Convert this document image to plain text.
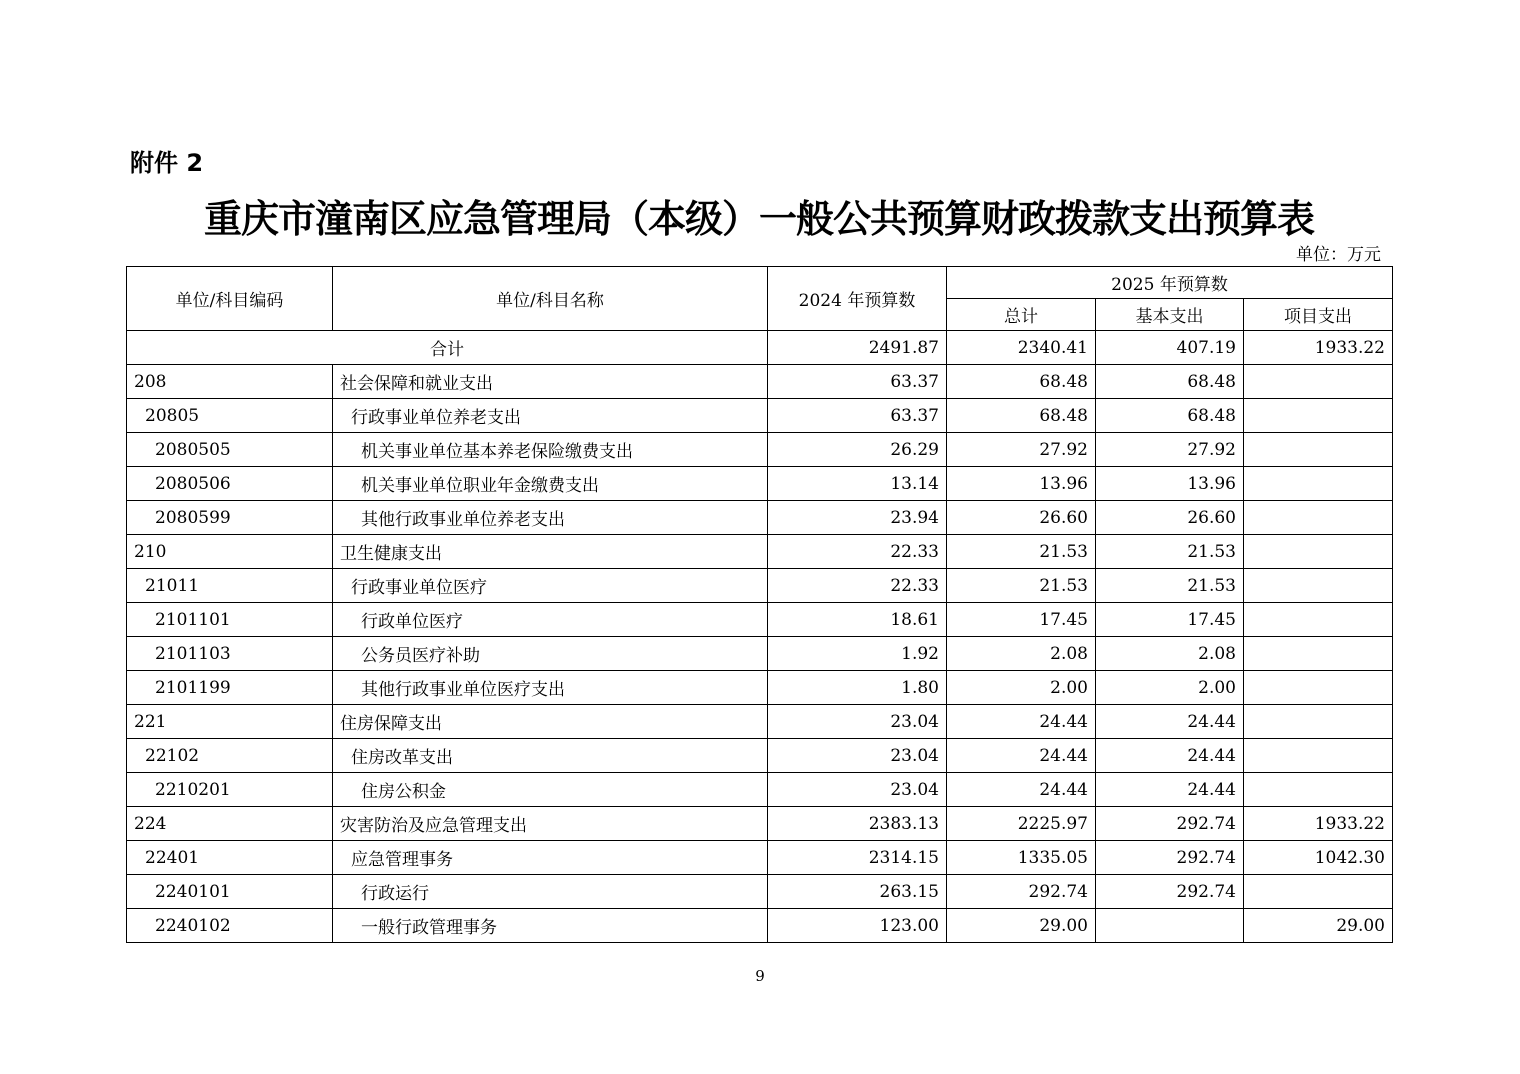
附件 2
重庆市潼南区应急管理局（本级）一般公共预算财政拨款支出预算表
单位：万元
单位/科目编码	单位/科目名称	2024 年预算数	2025 年预算数		
			总计	基本支出	项目支出
合计		2491.87	2340.41	407.19	1933.22
208	社会保障和就业支出	63.37	68.48	68.48	
20805	行政事业单位养老支出	63.37	68.48	68.48	
2080505	机关事业单位基本养老保险缴费支出	26.29	27.92	27.92	
2080506	机关事业单位职业年金缴费支出	13.14	13.96	13.96	
2080599	其他行政事业单位养老支出	23.94	26.60	26.60	
210	卫生健康支出	22.33	21.53	21.53	
21011	行政事业单位医疗	22.33	21.53	21.53	
2101101	行政单位医疗	18.61	17.45	17.45	
2101103	公务员医疗补助	1.92	2.08	2.08	
2101199	其他行政事业单位医疗支出	1.80	2.00	2.00	
221	住房保障支出	23.04	24.44	24.44	
22102	住房改革支出	23.04	24.44	24.44	
2210201	住房公积金	23.04	24.44	24.44	
224	灾害防治及应急管理支出	2383.13	2225.97	292.74	1933.22
22401	应急管理事务	2314.15	1335.05	292.74	1042.30
2240101	行政运行	263.15	292.74	292.74	
2240102	一般行政管理事务	123.00	29.00		29.00
9
